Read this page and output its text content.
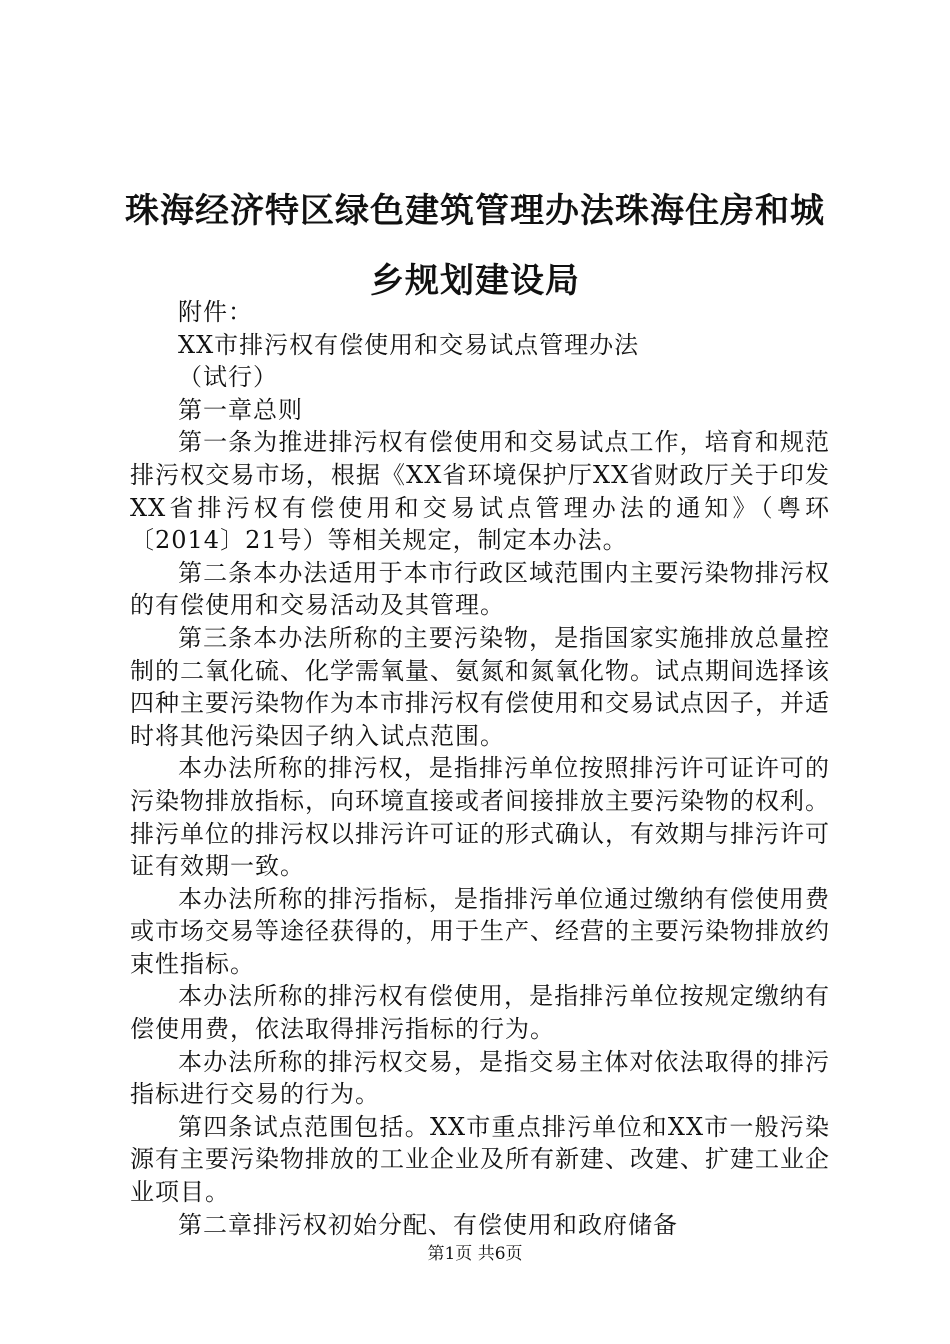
珠海经济特区绿色建筑管理办法珠海住房和城
乡规划建设局

附件：

XX市排污权有偿使用和交易试点管理办法

（试行）

第一章总则

第一条为推进排污权有偿使用和交易试点工作，培育和规范排污权交易市场，根据《XX省环境保护厅XX省财政厅关于印发XX省排污权有偿使用和交易试点管理办法的通知》（粤环〔2014〕21号）等相关规定，制定本办法。

第二条本办法适用于本市行政区域范围内主要污染物排污权的有偿使用和交易活动及其管理。

第三条本办法所称的主要污染物，是指国家实施排放总量控制的二氧化硫、化学需氧量、氨氮和氮氧化物。试点期间选择该四种主要污染物作为本市排污权有偿使用和交易试点因子，并适时将其他污染因子纳入试点范围。

本办法所称的排污权，是指排污单位按照排污许可证许可的污染物排放指标，向环境直接或者间接排放主要污染物的权利。排污单位的排污权以排污许可证的形式确认，有效期与排污许可证有效期一致。

本办法所称的排污指标，是指排污单位通过缴纳有偿使用费或市场交易等途径获得的，用于生产、经营的主要污染物排放约束性指标。

本办法所称的排污权有偿使用，是指排污单位按规定缴纳有偿使用费，依法取得排污指标的行为。

本办法所称的排污权交易，是指交易主体对依法取得的排污指标进行交易的行为。

第四条试点范围包括。XX市重点排污单位和XX市一般污染源有主要污染物排放的工业企业及所有新建、改建、扩建工业企业项目。

第二章排污权初始分配、有偿使用和政府储备

第1页 共6页
